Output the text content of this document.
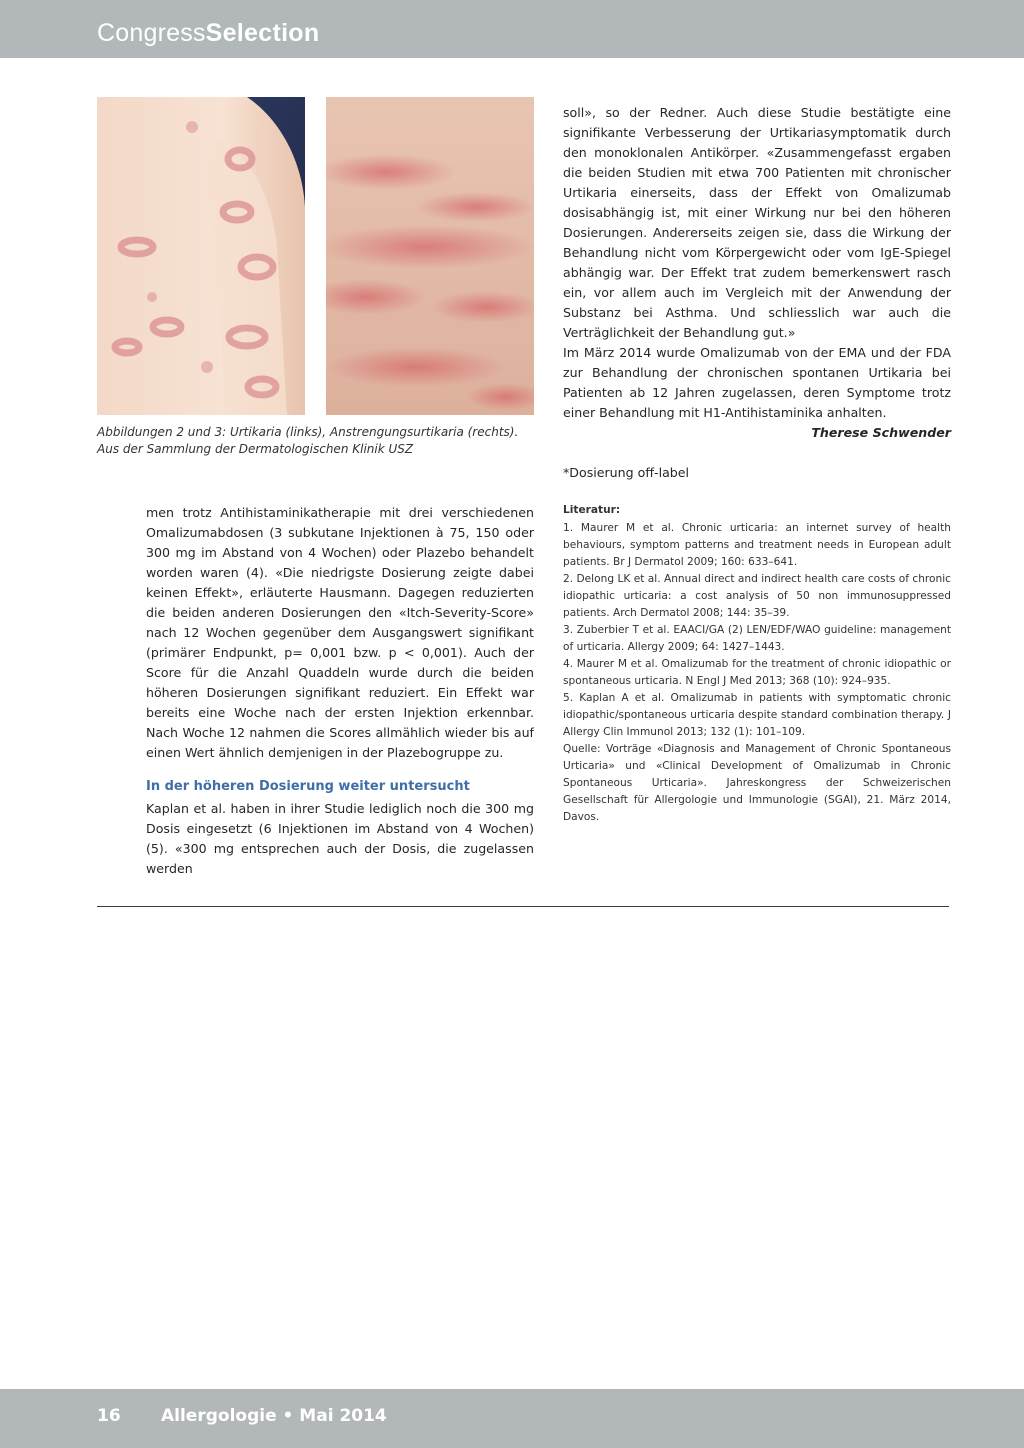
CongressSelection
Abbildungen 2 und 3: Urtikaria (links), Anstrengungsurtikaria (rechts).
Aus der Sammlung der Dermatologischen Klinik USZ

men trotz Antihistaminikatherapie mit drei verschiedenen Omalizumabdosen (3 subkutane Injektionen à 75, 150 oder 300 mg im Abstand von 4 Wochen) oder Plazebo behandelt worden waren (4). «Die niedrigste Dosierung zeigte dabei keinen Effekt», erläuterte Hausmann. Dagegen reduzierten die beiden anderen Dosierungen den «Itch-Severity-Score» nach 12 Wochen gegenüber dem Ausgangswert signifikant (primärer Endpunkt, p= 0,001 bzw. p < 0,001). Auch der Score für die Anzahl Quaddeln wurde durch die beiden höheren Dosierungen signifikant reduziert. Ein Effekt war bereits eine Woche nach der ersten Injektion erkennbar. Nach Woche 12 nahmen die Scores allmählich wieder bis auf einen Wert ähnlich demjenigen in der Plazebogruppe zu.

In der höheren Dosierung weiter untersucht

Kaplan et al. haben in ihrer Studie lediglich noch die 300 mg Dosis eingesetzt (6 Injektionen im Abstand von 4 Wochen) (5). «300 mg entsprechen auch der Dosis, die zugelassen werden

soll», so der Redner. Auch diese Studie bestätigte eine signifikante Verbesserung der Urtikariasymptomatik durch den monoklonalen Antikörper. «Zusammengefasst ergaben die beiden Studien mit etwa 700 Patienten mit chronischer Urtikaria einerseits, dass der Effekt von Omalizumab dosisabhängig ist, mit einer Wirkung nur bei den höheren Dosierungen. Andererseits zeigen sie, dass die Wirkung der Behandlung nicht vom Körpergewicht oder vom IgE-Spiegel abhängig war. Der Effekt trat zudem bemerkenswert rasch ein, vor allem auch im Vergleich mit der Anwendung der Substanz bei Asthma. Und schliesslich war auch die Verträglichkeit der Behandlung gut.»

Im März 2014 wurde Omalizumab von der EMA und der FDA zur Behandlung der chronischen spontanen Urtikaria bei Patienten ab 12 Jahren zugelassen, deren Symptome trotz einer Behandlung mit H1-Antihistaminika anhalten.

Therese Schwender

*Dosierung off-label
Literatur:

1. Maurer M et al. Chronic urticaria: an internet survey of health behaviours, symptom patterns and treatment needs in European adult patients. Br J Dermatol 2009; 160: 633–641.

2. Delong LK et al. Annual direct and indirect health care costs of chronic idiopathic urticaria: a cost analysis of 50 non immunosuppressed patients. Arch Dermatol 2008; 144: 35–39.

3. Zuberbier T et al. EAACI/GA (2) LEN/EDF/WAO guideline: management of urticaria. Allergy 2009; 64: 1427–1443.

4. Maurer M et al. Omalizumab for the treatment of chronic idiopathic or spontaneous urticaria. N Engl J Med 2013; 368 (10): 924–935.

5. Kaplan A et al. Omalizumab in patients with symptomatic chronic idiopathic/spontaneous urticaria despite standard combination therapy. J Allergy Clin Immunol 2013; 132 (1): 101–109.

Quelle: Vorträge «Diagnosis and Management of Chronic Spontaneous Urticaria» und «Clinical Development of Omalizumab in Chronic Spontaneous Urticaria». Jahreskongress der Schweizerischen Gesellschaft für Allergologie und Immunologie (SGAI), 21. März 2014, Davos.

16 Allergologie • Mai 2014
